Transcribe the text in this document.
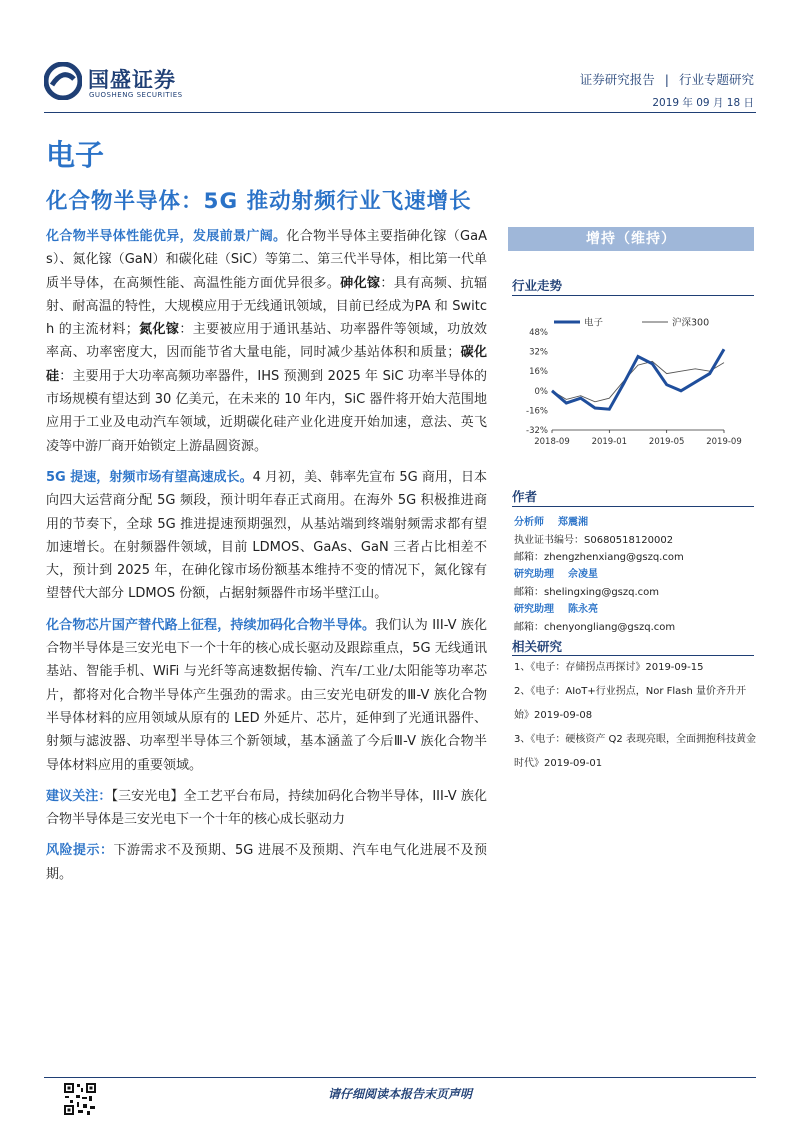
国盛证券
GUOSHENG SECURITIES
证券研究报告 | 行业专题研究
2019 年 09 月 18 日
电子
化合物半导体：5G 推动射频行业飞速增长

化合物半导体性能优异，发展前景广阔。化合物半导体主要指砷化镓（GaAs）、氮化镓（GaN）和碳化硅（SiC）等第二、第三代半导体，相比第一代单质半导体，在高频性能、高温性能方面优异很多。砷化镓：具有高频、抗辐射、耐高温的特性，大规模应用于无线通讯领域，目前已经成为PA 和 Switch 的主流材料；氮化镓：主要被应用于通讯基站、功率器件等领域，功放效率高、功率密度大，因而能节省大量电能，同时减少基站体积和质量；碳化硅：主要用于大功率高频功率器件，IHS 预测到 2025 年 SiC 功率半导体的市场规模有望达到 30 亿美元，在未来的 10 年内，SiC 器件将开始大范围地应用于工业及电动汽车领域，近期碳化硅产业化进度开始加速，意法、英飞凌等中游厂商开始锁定上游晶圆资源。

5G 提速，射频市场有望高速成长。4 月初，美、韩率先宣布 5G 商用，日本向四大运营商分配 5G 频段，预计明年春正式商用。在海外 5G 积极推进商用的节奏下，全球 5G 推进提速预期强烈，从基站端到终端射频需求都有望加速增长。在射频器件领域，目前 LDMOS、GaAs、GaN 三者占比相差不大，预计到 2025 年，在砷化镓市场份额基本维持不变的情况下，氮化镓有望替代大部分 LDMOS 份额，占据射频器件市场半壁江山。

化合物芯片国产替代路上征程，持续加码化合物半导体。我们认为 III-V 族化合物半导体是三安光电下一个十年的核心成长驱动及跟踪重点，5G 无线通讯基站、智能手机、WiFi 与光纤等高速数据传输、汽车/工业/太阳能等功率芯片，都将对化合物半导体产生强劲的需求。由三安光电研发的Ⅲ-V 族化合物半导体材料的应用领域从原有的 LED 外延片、芯片，延伸到了光通讯器件、射频与滤波器、功率型半导体三个新领域，基本涵盖了今后Ⅲ-V 族化合物半导体材料应用的重要领域。

建议关注：【三安光电】全工艺平台布局，持续加码化合物半导体，III-V 族化合物半导体是三安光电下一个十年的核心成长驱动力

风险提示：下游需求不及预期、5G 进展不及预期、汽车电气化进展不及预期。

增持（维持）
行业走势
48%
32%
16%
0%
-16%
-32%
2018-09	2019-01	2019-05	2019-09
电子	沪深300
作者
分析师 郑震湘
执业证书编号：S0680518120002
邮箱：zhengzhenxiang@gszq.com
研究助理 佘凌星
邮箱：shelingxing@gszq.com
研究助理 陈永亮
邮箱：chenyongliang@gszq.com
相关研究
1、《电子：存储拐点再探讨》2019-09-15
2、《电子：AIoT+行业拐点，Nor Flash 量价齐升开始》2019-09-08
3、《电子：硬核资产 Q2 表现亮眼，全面拥抱科技黄金时代》2019-09-01
请仔细阅读本报告末页声明
